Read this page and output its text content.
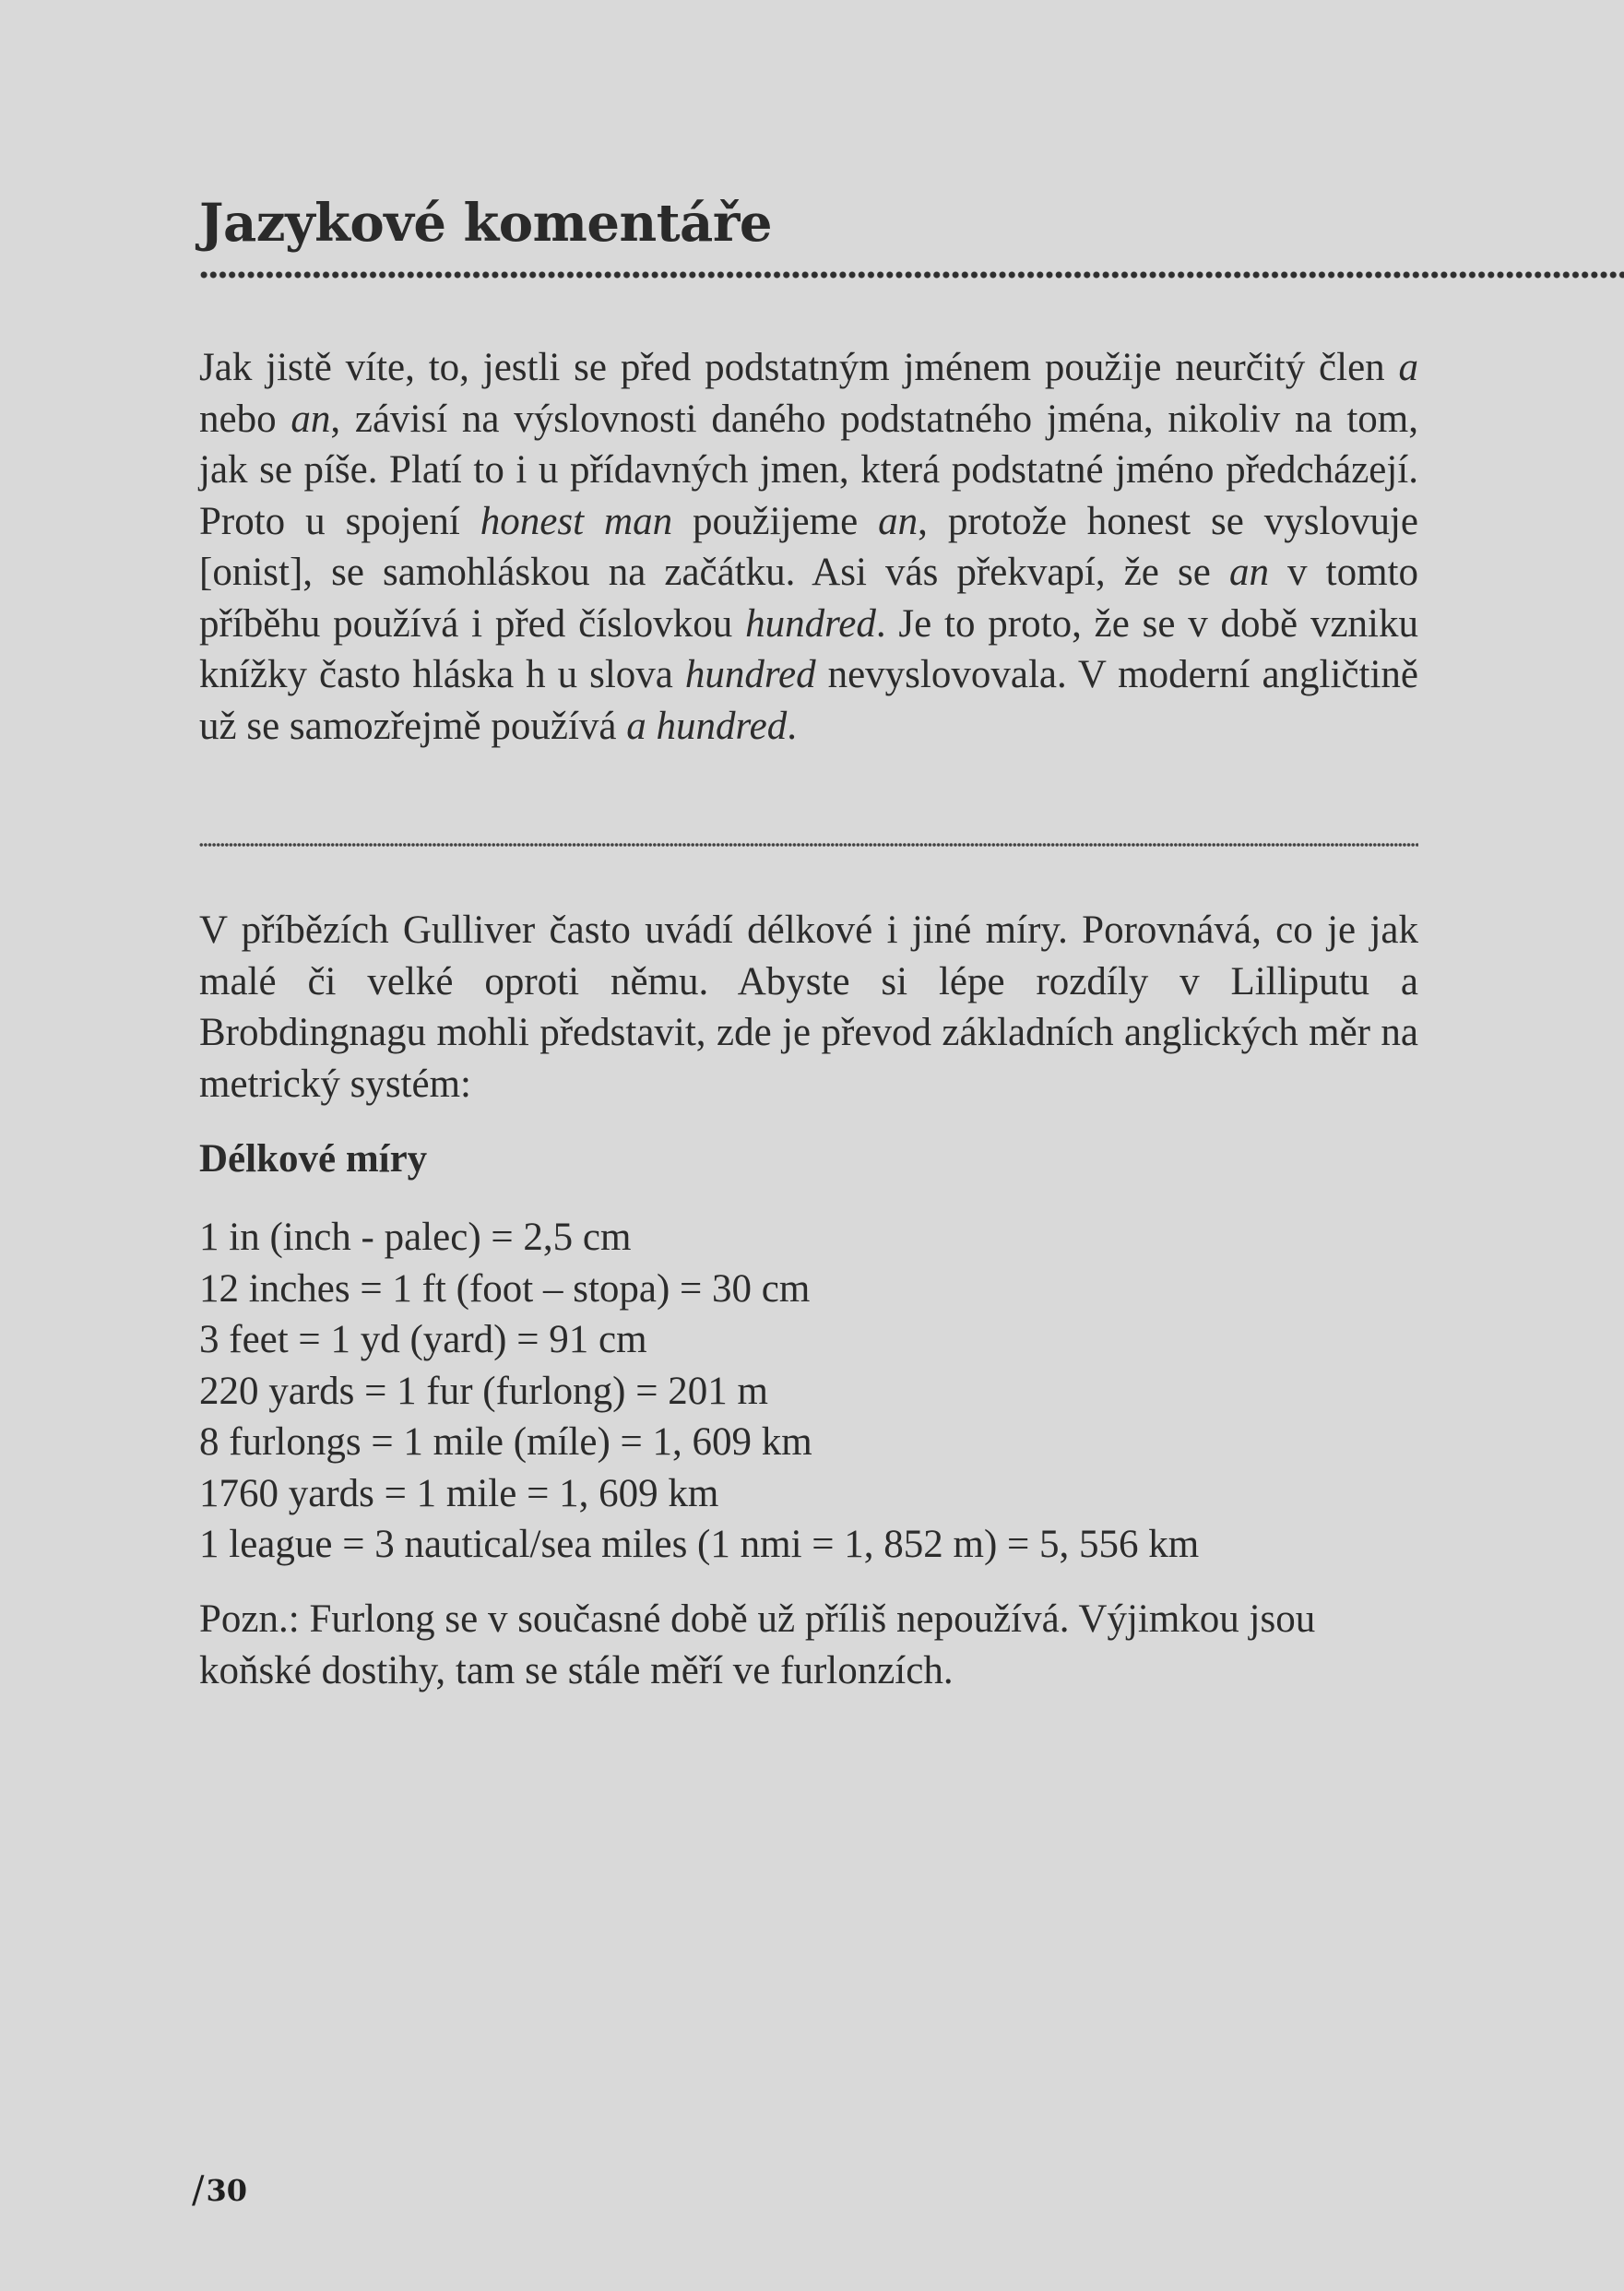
Jazykové komentáře

Jak jistě víte, to, jestli se před podstatným jménem použije neurčitý člen a nebo an, závisí na výslovnosti daného podstatného jména, nikoliv na tom, jak se píše. Platí to i u přídavných jmen, která podstatné jméno předcházejí. Proto u spojení honest man použijeme an, protože honest se vyslovuje [onist], se samohláskou na začátku. Asi vás překvapí, že se an v tomto příběhu používá i před číslovkou hundred. Je to proto, že se v době vzniku knížky často hláska h u slova hundred nevyslovovala. V moderní angličtině už se samozřejmě používá a hundred.

V příbězích Gulliver často uvádí délkové i jiné míry. Porovnává, co je jak malé či velké oproti němu. Abyste si lépe rozdíly v Lilliputu a Brobdingnagu mohli představit, zde je převod základních anglických měr na metrický systém:

Délkové míry
1 in (inch - palec) = 2,5 cm
12 inches = 1 ft (foot – stopa) = 30 cm
3 feet = 1 yd (yard) = 91 cm
220 yards = 1 fur (furlong) = 201 m
8 furlongs = 1 mile (míle) = 1, 609 km
1760 yards = 1 mile = 1, 609 km
1 league = 3 nautical/sea miles (1 nmi = 1, 852 m) = 5, 556 km

Pozn.: Furlong se v současné době už příliš nepoužívá. Výjimkou jsou koňské dostihy, tam se stále měří ve furlonzích.

/30
